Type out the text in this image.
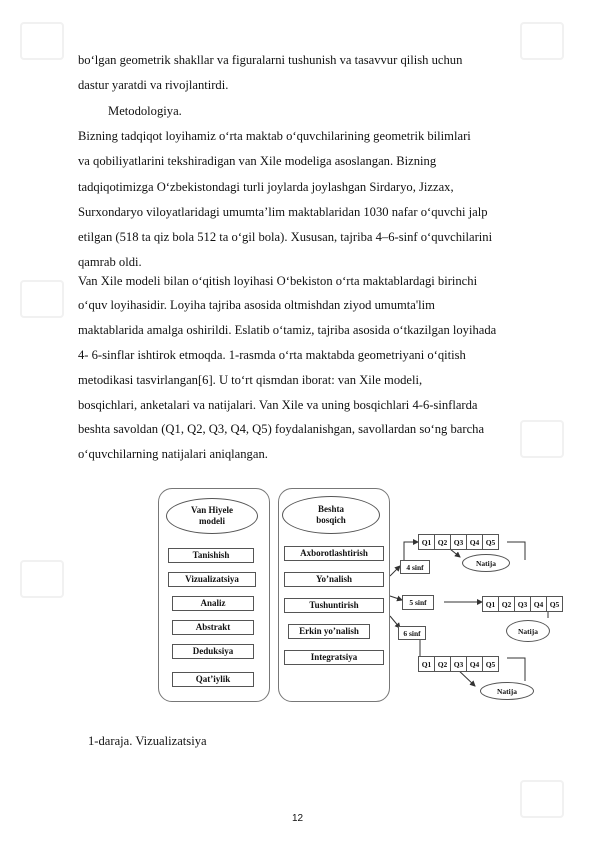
bo‘lgan geometrik shakllar va figuralarni tushunish va tasavvur qilish uchun
dastur yaratdi va rivojlantirdi.
Metodologiya.
Bizning tadqiqot loyihamiz o‘rta maktab o‘quvchilarining geometrik bilimlari
va qobiliyatlarini tekshiradigan van Xile modeliga asoslangan. Bizning
tadqiqotimizga O‘zbekistondagi turli joylarda joylashgan Sirdaryo, Jizzax,
Surxondaryo viloyatlaridagi umumta’lim maktablaridan 1030 nafar o‘quvchi jalp
etilgan (518 ta qiz bola 512 ta o‘gil bola). Xususan, tajriba 4–6-sinf o‘quvchilarini
qamrab oldi.
Van Xile modeli bilan o‘qitish loyihasi O‘bekiston o‘rta maktablardagi birinchi
o‘quv loyihasidir. Loyiha tajriba asosida oltmishdan ziyod umumta'lim
maktablarida amalga oshirildi. Eslatib o‘tamiz, tajriba asosida o‘tkazilgan loyihada
4- 6-sinflar ishtirok etmoqda. 1-rasmda o‘rta maktabda geometriyani o‘qitish
metodikasi tasvirlangan[6]. U to‘rt qismdan iborat: van Xile modeli,
bosqichlari, anketalari va natijalari. Van Xile va uning bosqichlari 4-6-sinflarda
beshta savoldan (Q1, Q2, Q3, Q4, Q5) foydalanishgan, savollardan so‘ng barcha
o‘quvchilarning natijalari aniqlangan.
Van Hiyele
modeli
Tanishish
Vizualizatsiya
Analiz
Abstrakt
Deduksiya
Qat’iylik
Beshta
bosqich
Axborotlashtirish
Yo’nalish
Tushuntirish
Erkin yo’nalish
Integratsiya
4 sinf
5 sinf
6 sinf
Q1 Q2 Q3 Q4 Q5
Natija
Q1 Q2 Q3 Q4 Q5
Natija
Q1 Q2 Q3 Q4 Q5
Natija
1-daraja. Vizualizatsiya
12
